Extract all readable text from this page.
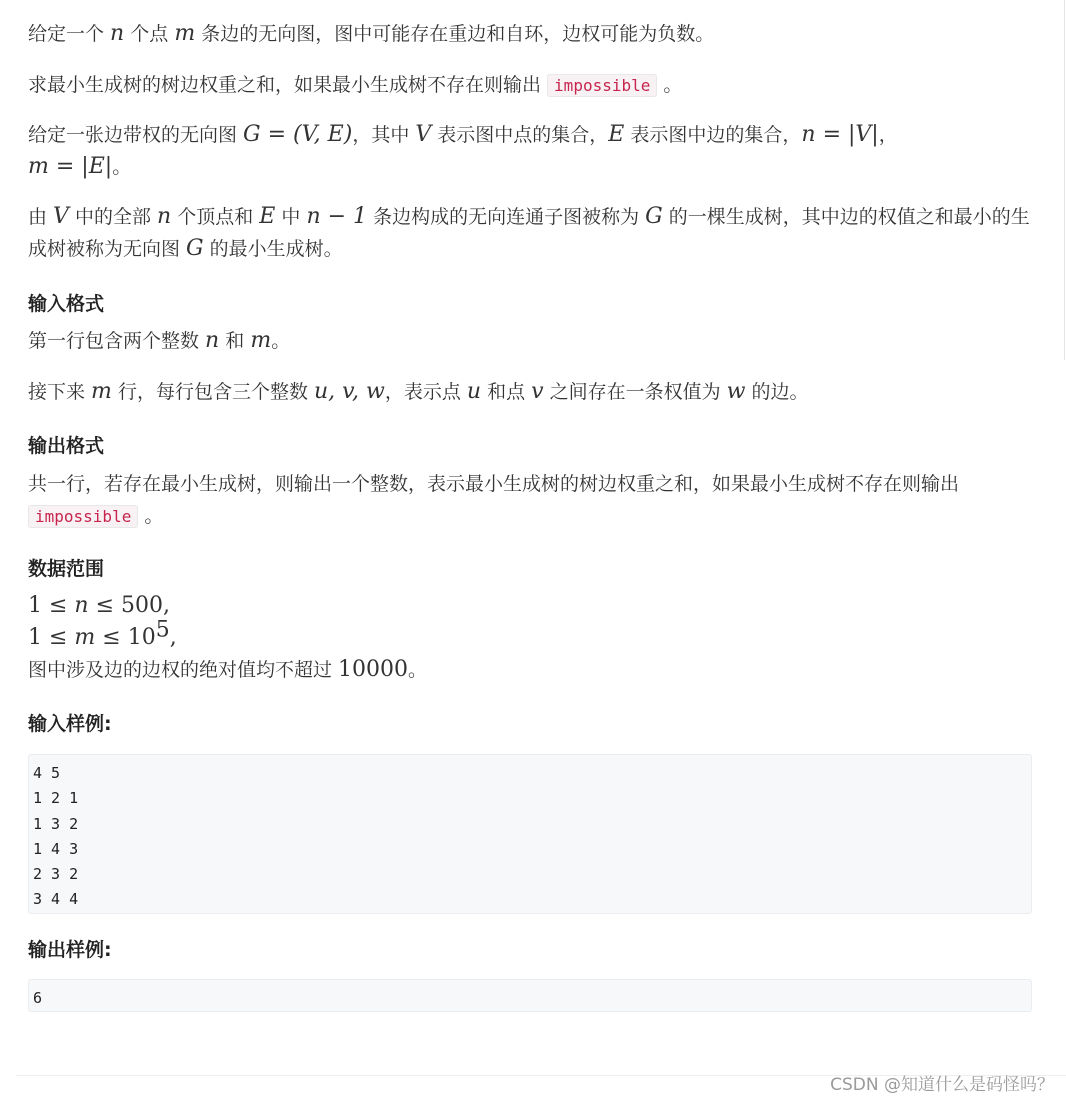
给定一个 n 个点 m 条边的无向图，图中可能存在重边和自环，边权可能为负数。

求最小生成树的树边权重之和，如果最小生成树不存在则输出 impossible 。

给定一张边带权的无向图 G = (V, E)，其中 V 表示图中点的集合，E 表示图中边的集合，n = |V|，
m = |E|。

由 V 中的全部 n 个顶点和 E 中 n − 1 条边构成的无向连通子图被称为 G 的一棵生成树，其中边的权值之和最小的生成树被称为无向图 G 的最小生成树。

输入格式

第一行包含两个整数 n 和 m。

接下来 m 行，每行包含三个整数 u, v, w，表示点 u 和点 v 之间存在一条权值为 w 的边。

输出格式

共一行，若存在最小生成树，则输出一个整数，表示最小生成树的树边权重之和，如果最小生成树不存在则输出
impossible 。

数据范围

1 ≤ n ≤ 500,
$1 \le m \le 10^5$,
图中涉及边的边权的绝对值均不超过 10000。

输入样例:
4 5
1 2 1
1 3 2
1 4 3
2 3 2
3 4 4
输出样例:
6
CSDN @知道什么是码怪吗？
